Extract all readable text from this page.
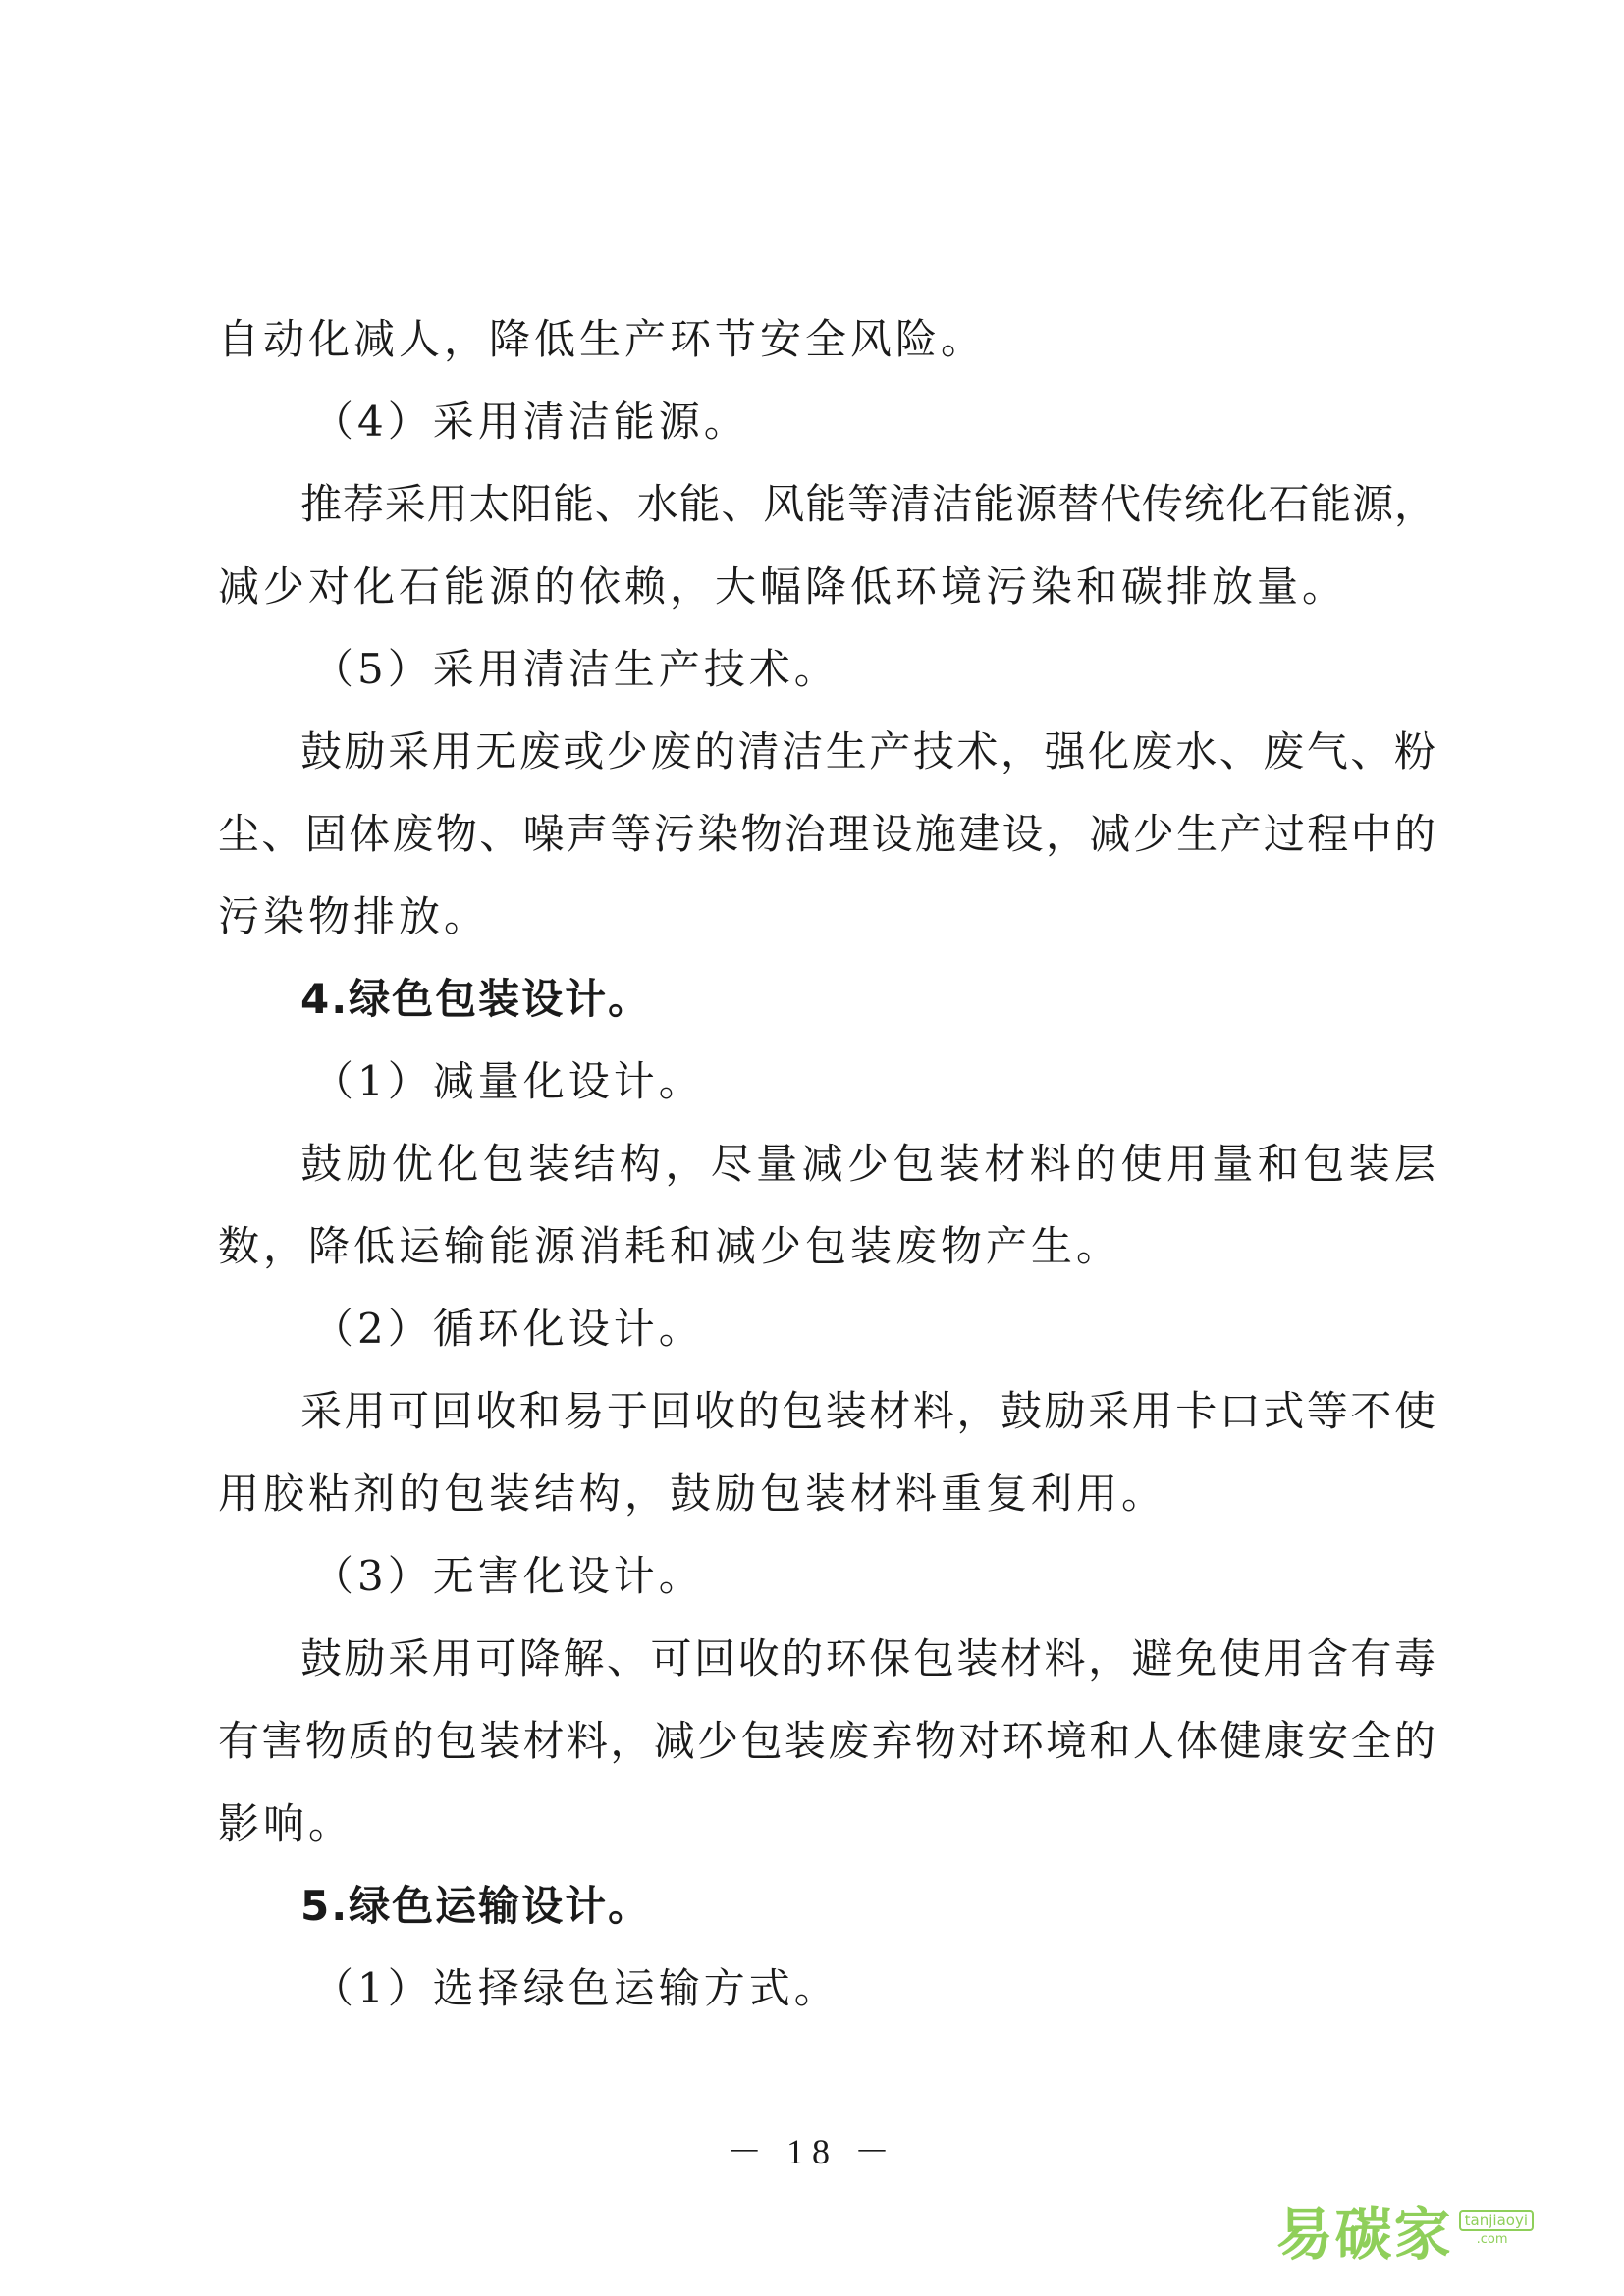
自动化减人，降低生产环节安全风险。
（4）采用清洁能源。
推荐采用太阳能、水能、风能等清洁能源替代传统化石能源，
减少对化石能源的依赖，大幅降低环境污染和碳排放量。
（5）采用清洁生产技术。
鼓励采用无废或少废的清洁生产技术，强化废水、废气、粉
尘、固体废物、噪声等污染物治理设施建设，减少生产过程中的
污染物排放。
4.绿色包装设计。
（1）减量化设计。
鼓励优化包装结构，尽量减少包装材料的使用量和包装层
数，降低运输能源消耗和减少包装废物产生。
（2）循环化设计。
采用可回收和易于回收的包装材料，鼓励采用卡口式等不使
用胶粘剂的包装结构，鼓励包装材料重复利用。
（3）无害化设计。
鼓励采用可降解、可回收的环保包装材料，避免使用含有毒
有害物质的包装材料，减少包装废弃物对环境和人体健康安全的
影响。
5.绿色运输设计。
（1）选择绿色运输方式。
－ 18 －
易碳家 tanjiaoyi
.com
